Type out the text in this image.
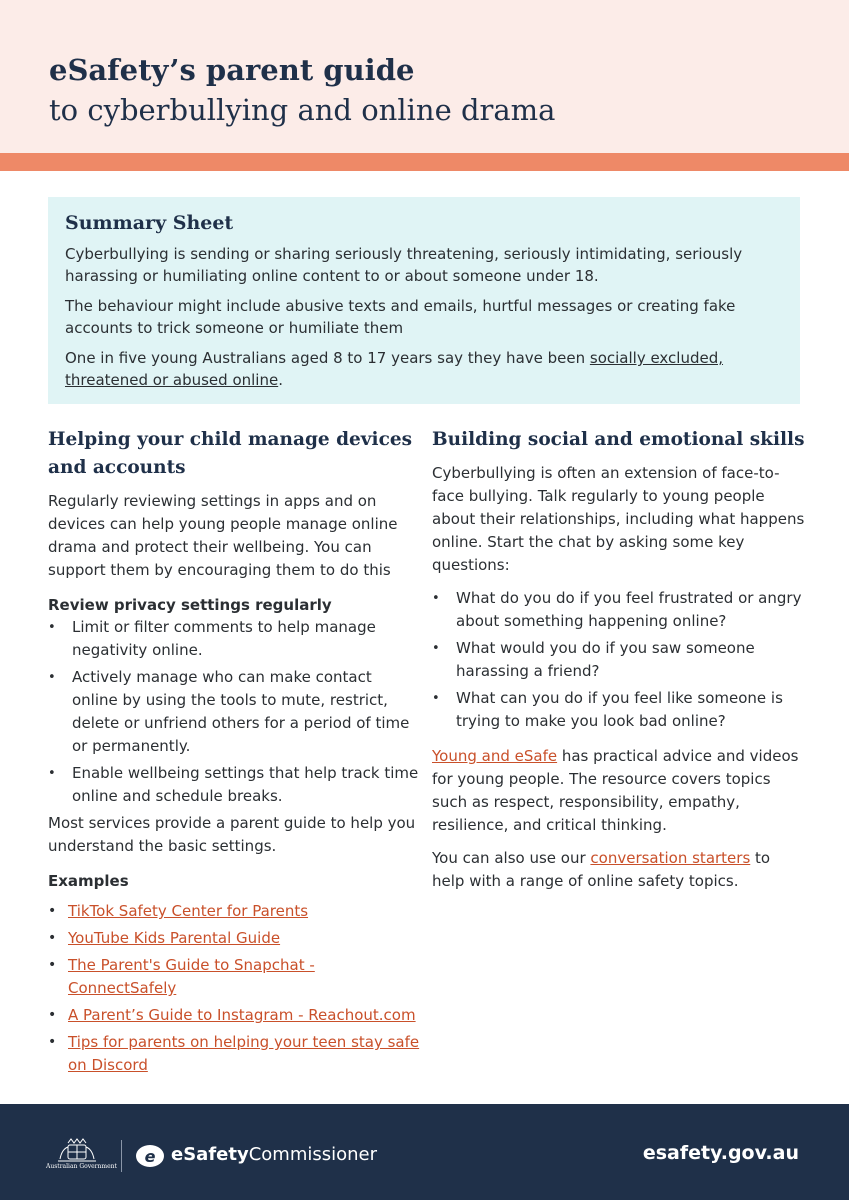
eSafety’s parent guide
to cyberbullying and online drama
Summary Sheet

Cyberbullying is sending or sharing seriously threatening, seriously intimidating, seriously harassing or humiliating online content to or about someone under 18.

The behaviour might include abusive texts and emails, hurtful messages or creating fake accounts to trick someone or humiliate them

One in five young Australians aged 8 to 17 years say they have been socially excluded, threatened or abused online.

Helping your child manage devices and accounts

Regularly reviewing settings in apps and on devices can help young people manage online drama and protect their wellbeing. You can support them by encouraging them to do this

Review privacy settings regularly
• Limit or filter comments to help manage negativity online.
• Actively manage who can make contact online by using the tools to mute, restrict, delete or unfriend others for a period of time or permanently.
• Enable wellbeing settings that help track time online and schedule breaks.

Most services provide a parent guide to help you understand the basic settings.

Examples
• TikTok Safety Center for Parents
• YouTube Kids Parental Guide
• The Parent's Guide to Snapchat - ConnectSafely
• A Parent’s Guide to Instagram - Reachout.com
• Tips for parents on helping your teen stay safe on Discord
Building social and emotional skills

Cyberbullying is often an extension of face-to-face bullying. Talk regularly to young people about their relationships, including what happens online. Start the chat by asking some key questions:

• What do you do if you feel frustrated or angry about something happening online?
• What would you do if you saw someone harassing a friend?
• What can you do if you feel like someone is trying to make you look bad online?

Young and eSafe has practical advice and videos for young people. The resource covers topics such as respect, responsibility, empathy, resilience, and critical thinking.

You can also use our conversation starters to help with a range of online safety topics.

Australian Government
e eSafetyCommissioner	esafety.gov.au
